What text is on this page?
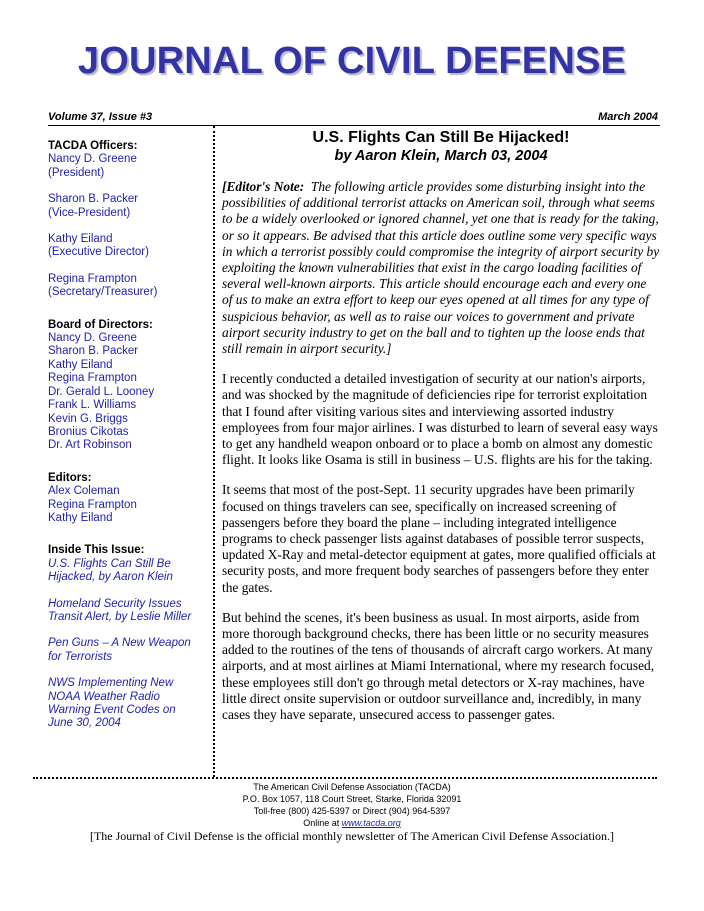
JOURNAL OF CIVIL DEFENSE
Volume 37, Issue #3	March 2004
TACDA Officers:
Nancy D. Greene
(President)
Sharon B. Packer
(Vice-President)
Kathy Eiland
(Executive Director)
Regina Frampton
(Secretary/Treasurer)
Board of Directors:
Nancy D. Greene
Sharon B. Packer
Kathy Eiland
Regina Frampton
Dr. Gerald L. Looney
Frank L. Williams
Kevin G. Briggs
Bronius Cikotas
Dr. Art Robinson
Editors:
Alex Coleman
Regina Frampton
Kathy Eiland
Inside This Issue:
U.S. Flights Can Still Be
Hijacked, by Aaron Klein
Homeland Security Issues
Transit Alert, by Leslie Miller
Pen Guns – A New Weapon
for Terrorists
NWS Implementing New
NOAA Weather Radio
Warning Event Codes on
June 30, 2004
U.S. Flights Can Still Be Hijacked!
by Aaron Klein, March 03, 2004
[Editor's Note: The following article provides some disturbing insight into the possibilities of additional terrorist attacks on American soil, through what seems to be a widely overlooked or ignored channel, yet one that is ready for the taking, or so it appears. Be advised that this article does outline some very specific ways in which a terrorist possibly could compromise the integrity of airport security by exploiting the known vulnerabilities that exist in the cargo loading facilities of several well-known airports. This article should encourage each and every one of us to make an extra effort to keep our eyes opened at all times for any type of suspicious behavior, as well as to raise our voices to government and private airport security industry to get on the ball and to tighten up the loose ends that still remain in airport security.]
I recently conducted a detailed investigation of security at our nation's airports, and was shocked by the magnitude of deficiencies ripe for terrorist exploitation that I found after visiting various sites and interviewing assorted industry employees from four major airlines. I was disturbed to learn of several easy ways to get any handheld weapon onboard or to place a bomb on almost any domestic flight. It looks like Osama is still in business – U.S. flights are his for the taking.
It seems that most of the post-Sept. 11 security upgrades have been primarily focused on things travelers can see, specifically on increased screening of passengers before they board the plane – including integrated intelligence programs to check passenger lists against databases of possible terror suspects, updated X-Ray and metal-detector equipment at gates, more qualified officials at security posts, and more frequent body searches of passengers before they enter the gates.
But behind the scenes, it's been business as usual. In most airports, aside from more thorough background checks, there has been little or no security measures added to the routines of the tens of thousands of aircraft cargo workers. At many airports, and at most airlines at Miami International, where my research focused, these employees still don't go through metal detectors or X-ray machines, have little direct onsite supervision or outdoor surveillance and, incredibly, in many cases they have separate, unsecured access to passenger gates.
The American Civil Defense Association (TACDA)
P.O. Box 1057, 118 Court Street, Starke, Florida 32091
Toll-free (800) 425-5397 or Direct (904) 964-5397
Online at www.tacda.org
[The Journal of Civil Defense is the official monthly newsletter of The American Civil Defense Association.]
